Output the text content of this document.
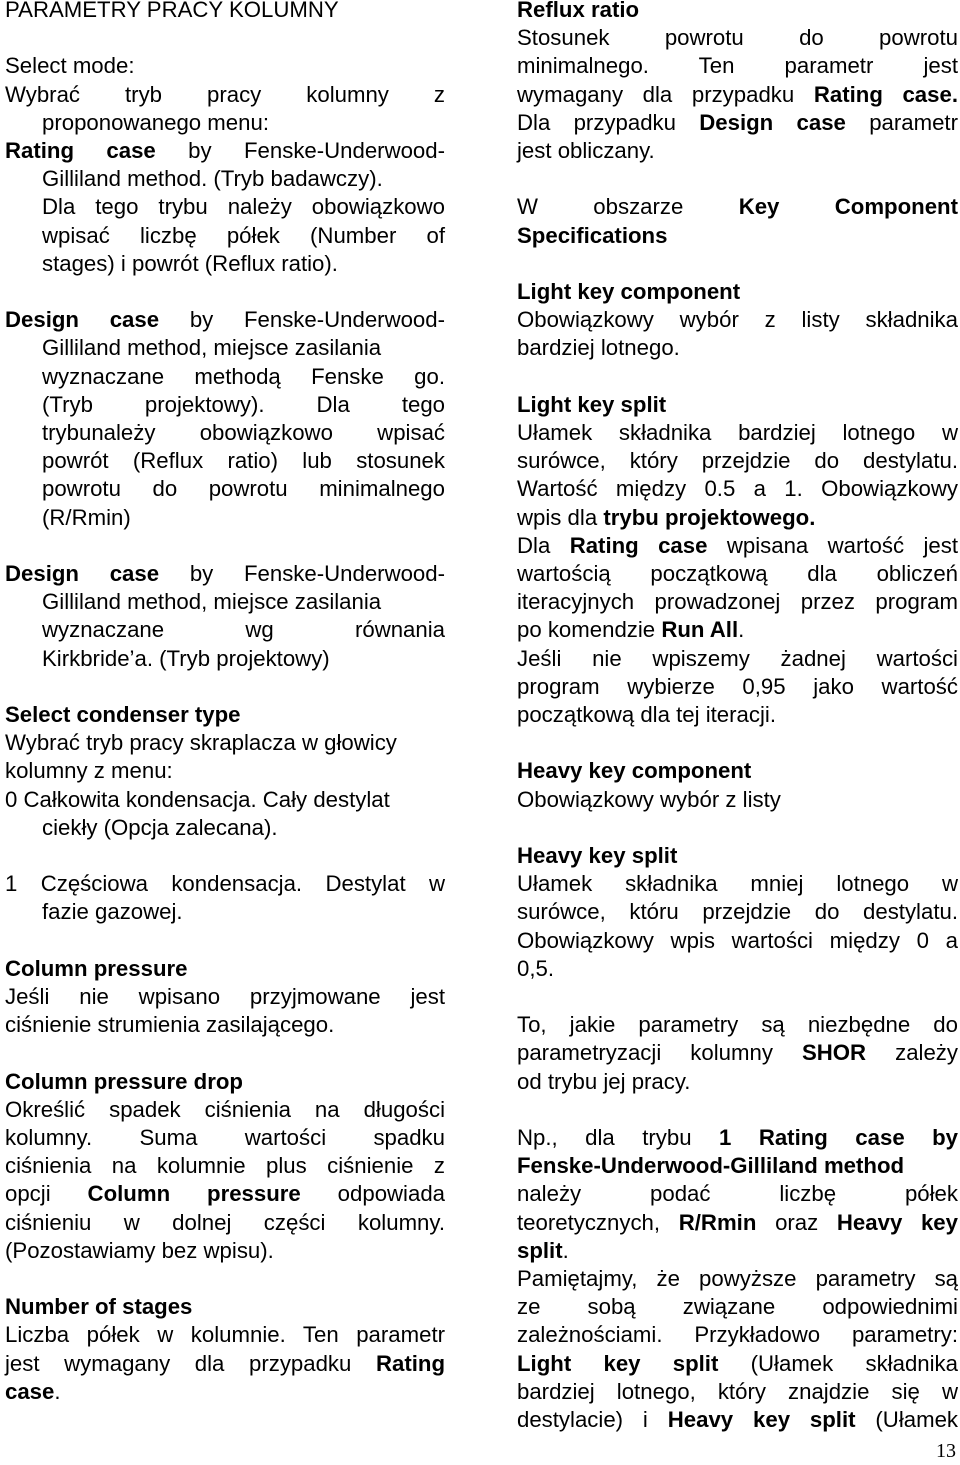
PARAMETRY PRACY KOLUMNY

Select mode:

Wybrać tryb pracy kolumny z

proponowanego menu:

Rating case by Fenske-Underwood-

Gilliland method. (Tryb badawczy).

Dla tego trybu należy obowiązkowo

wpisać liczbę półek (Number of

stages) i powrót (Reflux ratio).

Design case by Fenske-Underwood-

Gilliland method, miejsce zasilania

wyznaczane methodą Fenske go.

(Tryb projektowy). Dla tego

trybunależy obowiązkowo wpisać

powrót (Reflux ratio) lub stosunek

powrotu do powrotu minimalnego

(R/Rmin)

Design case by Fenske-Underwood-

Gilliland method, miejsce zasilania

wyznaczane wg równania

Kirkbride’a. (Tryb projektowy)

Select condenser type

Wybrać tryb pracy skraplacza w głowicy

kolumny z menu:

0 Całkowita kondensacja. Cały destylat

ciekły (Opcja zalecana).

1 Częściowa kondensacja. Destylat w

fazie gazowej.

Column pressure

Jeśli nie wpisano przyjmowane jest

ciśnienie strumienia zasilającego.

Column pressure drop

Określić spadek ciśnienia na długości

kolumny. Suma wartości spadku

ciśnienia na kolumnie plus ciśnienie z

opcji Column pressure odpowiada

ciśnieniu w dolnej części kolumny.

(Pozostawiamy bez wpisu).

Number of stages

Liczba półek w kolumnie. Ten parametr

jest wymagany dla przypadku Rating

case.

Reflux ratio

Stosunek powrotu do powrotu

minimalnego. Ten parametr jest

wymagany dla przypadku Rating case.

Dla przypadku Design case parametr

jest obliczany.

W obszarze Key Component

Specifications

Light key component

Obowiązkowy wybór z listy składnika

bardziej lotnego.

Light key split

Ułamek składnika bardziej lotnego w

surówce, który przejdzie do destylatu.

Wartość między 0.5 a 1. Obowiązkowy

wpis dla trybu projektowego.

Dla Rating case wpisana wartość jest

wartością początkową dla obliczeń

iteracyjnych prowadzonej przez program

po komendzie Run All.

Jeśli nie wpiszemy żadnej wartości

program wybierze 0,95 jako wartość

początkową dla tej iteracji.

Heavy key component

Obowiązkowy wybór z listy

Heavy key split

Ułamek składnika mniej lotnego w

surówce, któru przejdzie do destylatu.

Obowiązkowy wpis wartości między 0 a

0,5.

To, jakie parametry są niezbędne do

parametryzacji kolumny SHOR zależy

od trybu jej pracy.

Np., dla trybu 1 Rating case by

Fenske-Underwood-Gilliland method

należy podać liczbę półek

teoretycznych, R/Rmin oraz Heavy key

split.

Pamiętajmy, że powyższe parametry są

ze sobą związane odpowiednimi

zależnościami. Przykładowo parametry:

Light key split (Ułamek składnika

bardziej lotnego, który znajdzie się w

destylacie) i Heavy key split (Ułamek

13
